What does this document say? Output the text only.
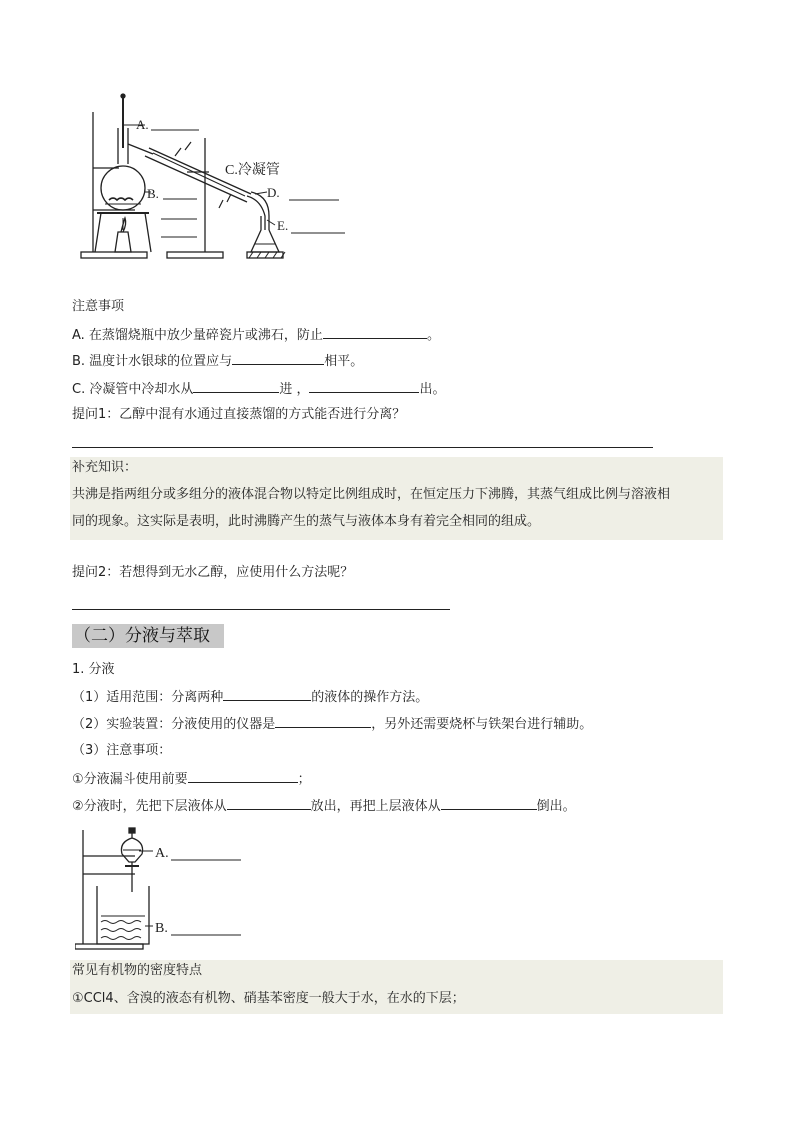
A.
B.
C.冷凝管
D.
E.
注意事项
A. 在蒸馏烧瓶中放少量碎瓷片或沸石，防止	。
B. 温度计水银球的位置应与	相平。
C. 冷凝管中冷却水从	进 ，	出。
提问1：乙醇中混有水通过直接蒸馏的方式能否进行分离？
补充知识：
共沸是指两组分或多组分的液体混合物以特定比例组成时，在恒定压力下沸腾，其蒸气组成比例与溶液相
同的现象。这实际是表明，此时沸腾产生的蒸气与液体本身有着完全相同的组成。
提问2：若想得到无水乙醇，应使用什么方法呢？
（二）分液与萃取
1. 分液
（1）适用范围：分离两种	的液体的操作方法。
（2）实验装置：分液使用的仪器是	，另外还需要烧杯与铁架台进行辅助。
（3）注意事项：
①分液漏斗使用前要	；
②分液时，先把下层液体从	放出，再把上层液体从	倒出。
A.
B.
常见有机物的密度特点
①CCl4、含溴的液态有机物、硝基苯密度一般大于水，在水的下层；
